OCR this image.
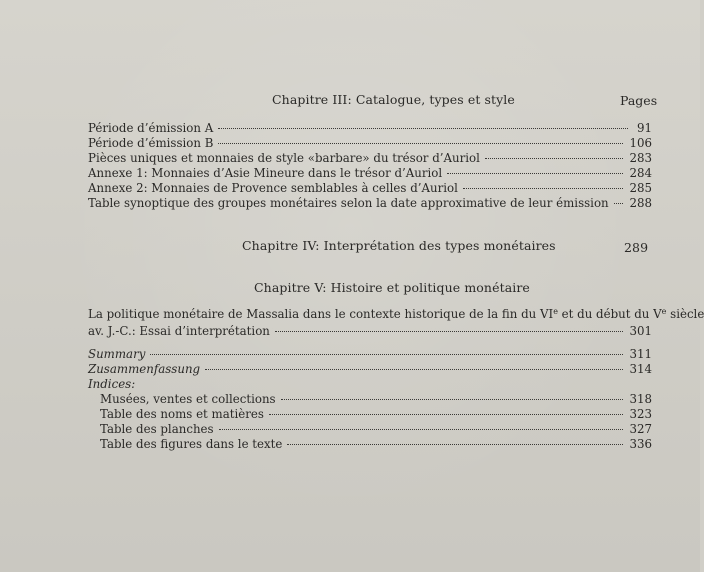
Chapitre III: Catalogue, types et style	Pages
Période d’émission A	91
Période d’émission B	106
Pièces uniques et monnaies de style «barbare» du trésor d’Auriol	283
Annexe 1: Monnaies d’Asie Mineure dans le trésor d’Auriol	284
Annexe 2: Monnaies de Provence semblables à celles d’Auriol	285
Table synoptique des groupes monétaires selon la date approximative de leur émission 288
Chapitre IV: Interprétation des types monétaires	289
Chapitre V: Histoire et politique monétaire
La politique monétaire de Massalia dans le contexte historique de la fin du VIe et du début du Ve siècle
av. J.-C.: Essai d’interprétation	301
Summary	311
Zusammenfassung	314
Indices:
Musées, ventes et collections	318
Table des noms et matières	323
Table des planches	327
Table des figures dans le texte	336
